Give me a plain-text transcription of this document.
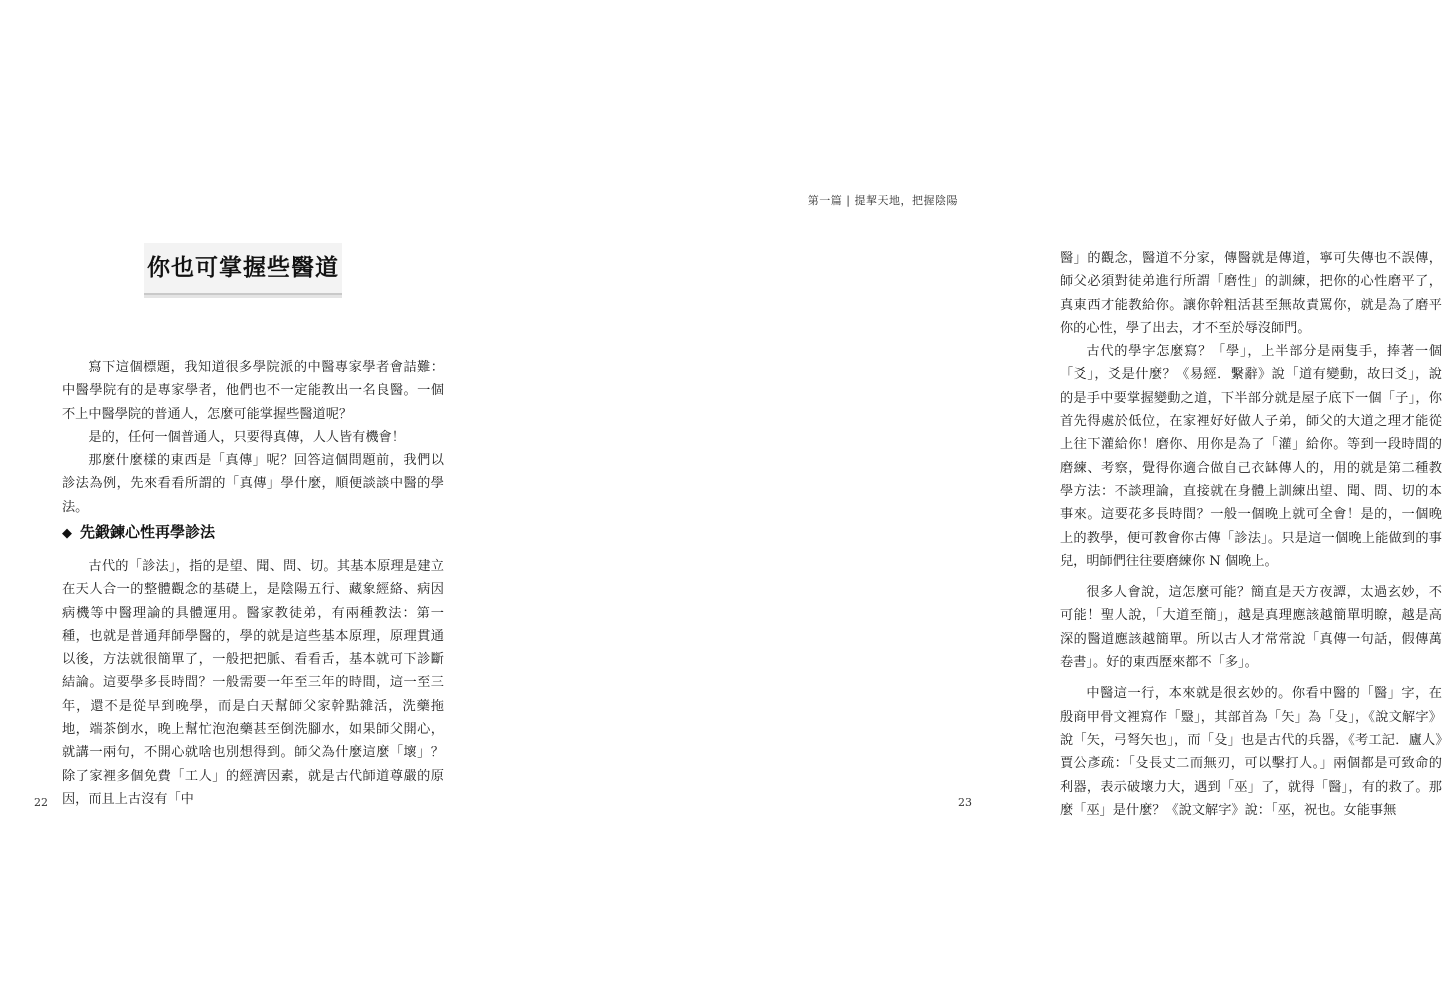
你也可掌握些醫道

寫下這個標題，我知道很多學院派的中醫專家學者會詰難：中醫學院有的是專家學者，他們也不一定能教出一名良醫。一個不上中醫學院的普通人，怎麼可能掌握些醫道呢？

是的，任何一個普通人，只要得真傳，人人皆有機會！

那麼什麼樣的東西是「真傳」呢？回答這個問題前，我們以診法為例，先來看看所謂的「真傳」學什麼，順便談談中醫的學法。

◆ 先鍛鍊心性再學診法

古代的「診法」，指的是望、聞、問、切。其基本原理是建立在天人合一的整體觀念的基礎上，是陰陽五行、藏象經絡、病因病機等中醫理論的具體運用。醫家教徒弟，有兩種教法：第一種，也就是普通拜師學醫的，學的就是這些基本原理，原理貫通以後，方法就很簡單了，一般把把脈、看看舌，基本就可下診斷結論。這要學多長時間？一般需要一年至三年的時間，這一至三年，還不是從早到晚學，而是白天幫師父家幹點雜活，洗藥拖地，端茶倒水，晚上幫忙泡泡藥甚至倒洗腳水，如果師父開心，就講一兩句，不開心就啥也別想得到。師父為什麼這麼「壞」？除了家裡多個免費「工人」的經濟因素，就是古代師道尊嚴的原因，而且上古沒有「中

22
第一篇 | 提挈天地，把握陰陽

醫」的觀念，醫道不分家，傳醫就是傳道，寧可失傳也不誤傳，師父必須對徒弟進行所謂「磨性」的訓練，把你的心性磨平了，真東西才能教給你。讓你幹粗活甚至無故責罵你，就是為了磨平你的心性，學了出去，才不至於辱沒師門。

古代的學字怎麼寫？「學」，上半部分是兩隻手，捧著一個「爻」，爻是什麼？《易經．繫辭》說「道有變動，故曰爻」，說的是手中要掌握變動之道，下半部分就是屋子底下一個「子」，你首先得處於低位，在家裡好好做人子弟，師父的大道之理才能從上往下灌給你！磨你、用你是為了「灌」給你。等到一段時間的磨練、考察，覺得你適合做自己衣缽傳人的，用的就是第二種教學方法：不談理論，直接就在身體上訓練出望、聞、問、切的本事來。這要花多長時間？一般一個晚上就可全會！是的，一個晚上的教學，便可教會你古傳「診法」。只是這一個晚上能做到的事兒，明師們往往要磨練你 N 個晚上。

很多人會說，這怎麼可能？簡直是天方夜譚，太過玄妙，不可能！聖人說，「大道至簡」，越是真理應該越簡單明瞭，越是高深的醫道應該越簡單。所以古人才常常說「真傳一句話，假傳萬卷書」。好的東西歷來都不「多」。

中醫這一行，本來就是很玄妙的。你看中醫的「醫」字，在殷商甲骨文裡寫作「毉」，其部首為「矢」為「殳」，《說文解字》說「矢，弓弩矢也」，而「殳」也是古代的兵器，《考工記．廬人》賈公彥疏：「殳長丈二而無刃，可以擊打人。」兩個都是可致命的利器，表示破壞力大，遇到「巫」了，就得「醫」，有的救了。那麼「巫」是什麼？《說文解字》說：「巫，祝也。女能事無

23
